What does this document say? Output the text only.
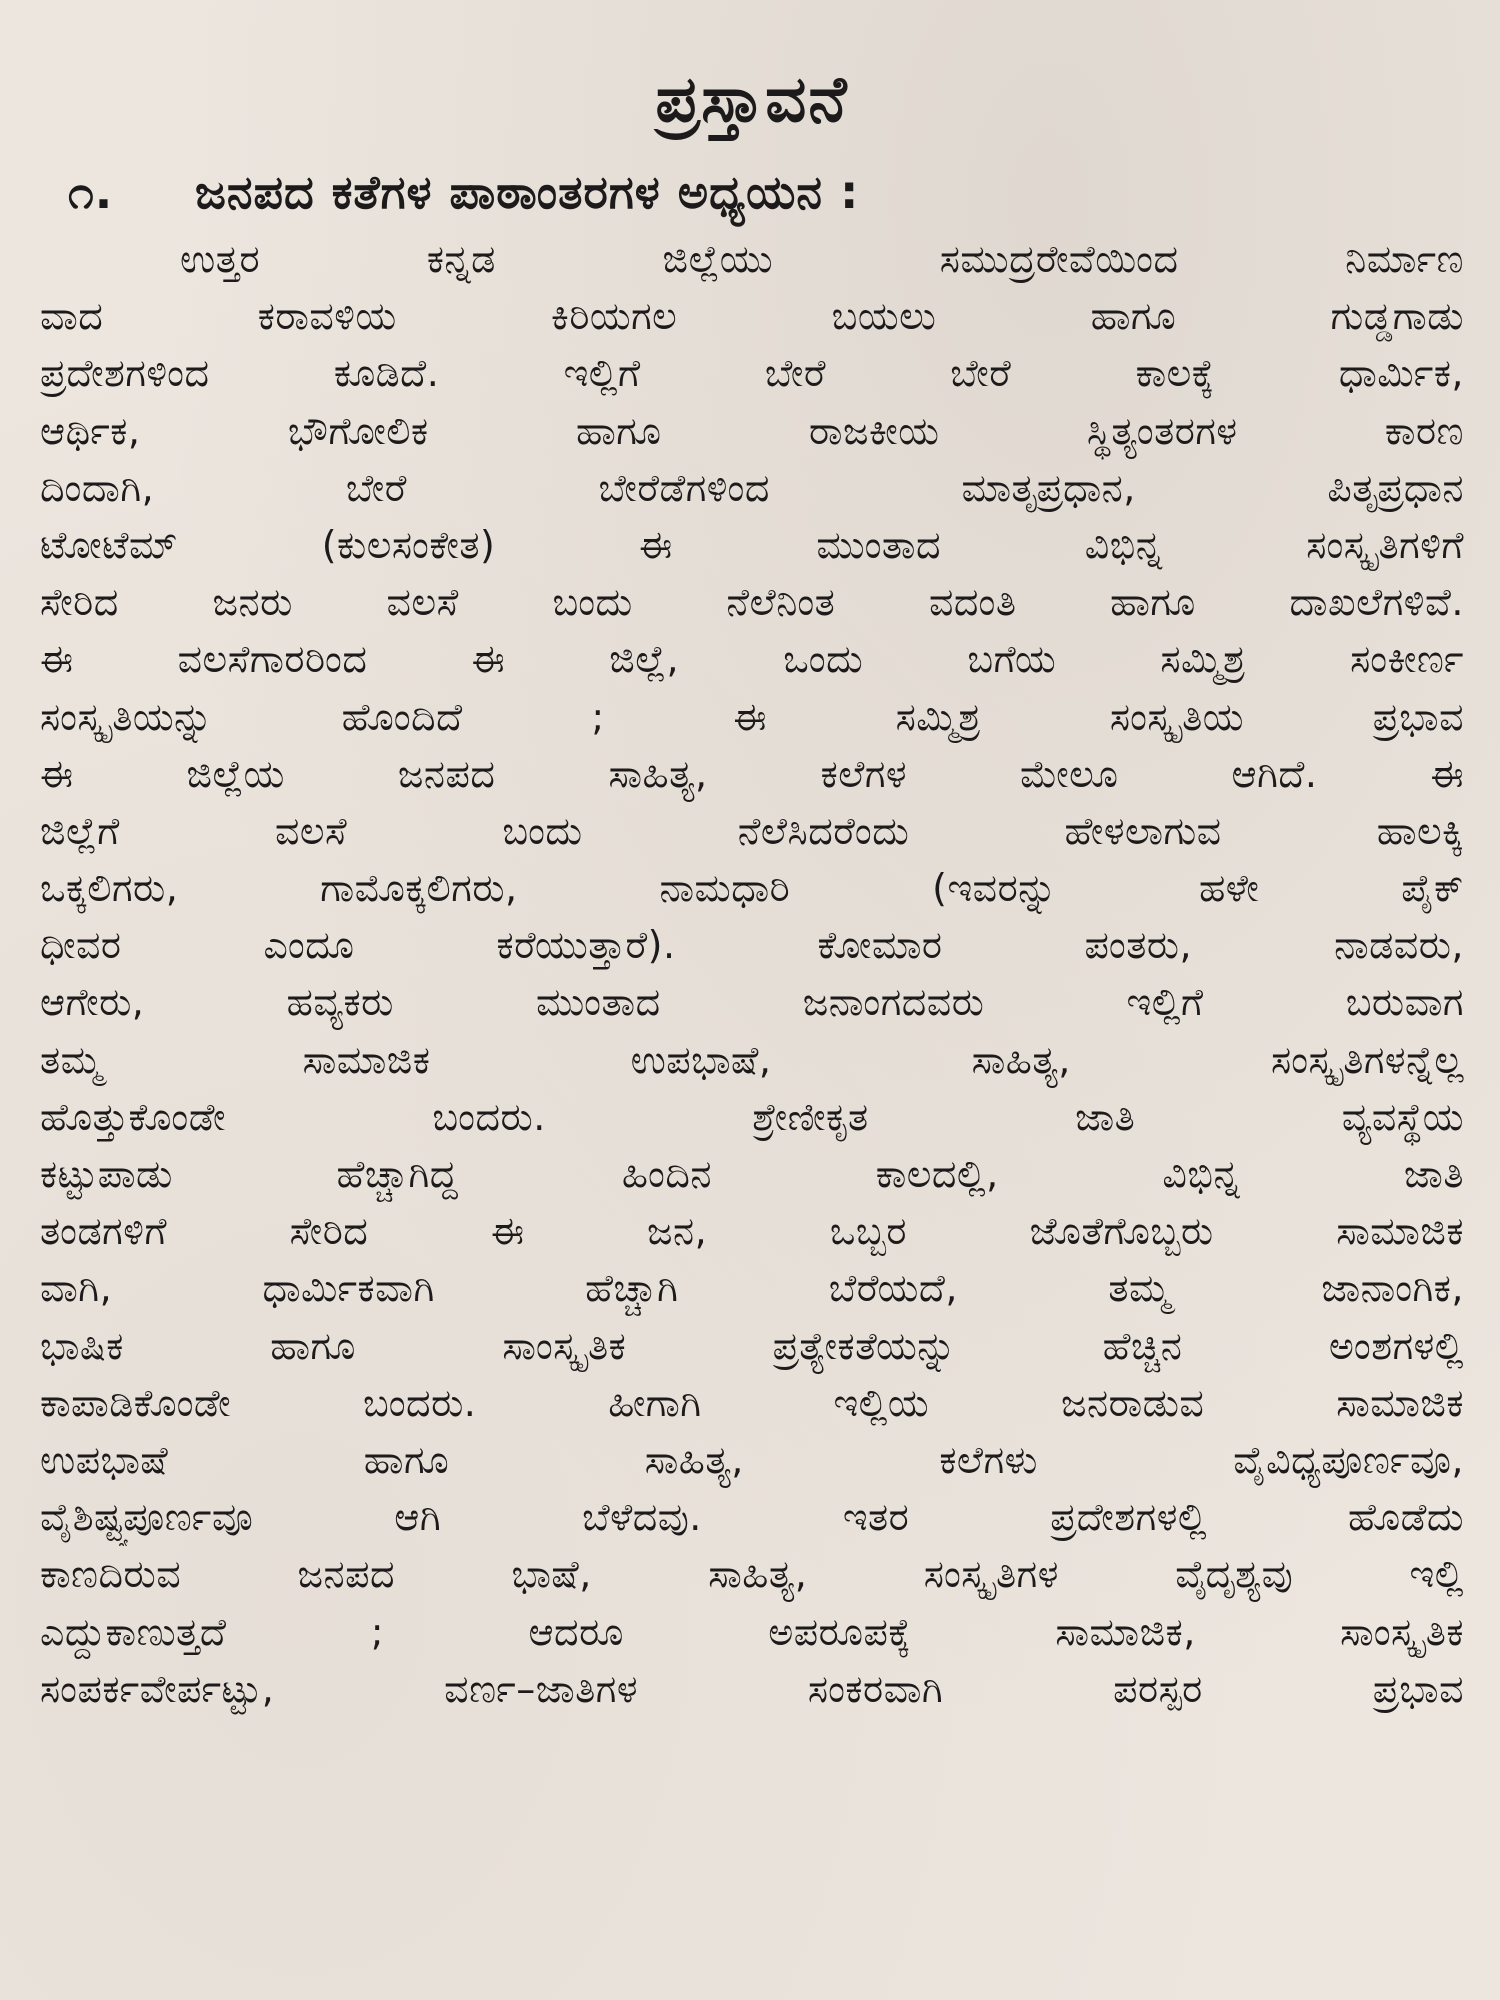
ಪ್ರಸ್ತಾವನೆ
೧. ಜನಪದ ಕತೆಗಳ ಪಾಠಾಂತರಗಳ ಅಧ್ಯಯನ :
ಉತ್ತರ ಕನ್ನಡ ಜಿಲ್ಲೆಯು ಸಮುದ್ರರೇವೆಯಿಂದ ನಿರ್ಮಾಣ
ವಾದ ಕರಾವಳಿಯ ಕಿರಿಯಗಲ ಬಯಲು ಹಾಗೂ ಗುಡ್ಡಗಾಡು
ಪ್ರದೇಶಗಳಿಂದ ಕೂಡಿದೆ. ಇಲ್ಲಿಗೆ ಬೇರೆ ಬೇರೆ ಕಾಲಕ್ಕೆ ಧಾರ್ಮಿಕ,
ಆರ್ಥಿಕ, ಭೌಗೋಲಿಕ ಹಾಗೂ ರಾಜಕೀಯ ಸ್ಥಿತ್ಯಂತರಗಳ ಕಾರಣ
ದಿಂದಾಗಿ, ಬೇರೆ ಬೇರೆಡೆಗಳಿಂದ ಮಾತೃಪ್ರಧಾನ, ಪಿತೃಪ್ರಧಾನ
ಟೋಟೆಮ್ (ಕುಲಸಂಕೇತ) ಈ ಮುಂತಾದ ವಿಭಿನ್ನ ಸಂಸ್ಕೃತಿಗಳಿಗೆ
ಸೇರಿದ ಜನರು ವಲಸೆ ಬಂದು ನೆಲೆನಿಂತ ವದಂತಿ ಹಾಗೂ ದಾಖಲೆಗಳಿವೆ.
ಈ ವಲಸೆಗಾರರಿಂದ ಈ ಜಿಲ್ಲೆ, ಒಂದು ಬಗೆಯ ಸಮ್ಮಿಶ್ರ ಸಂಕೀರ್ಣ
ಸಂಸ್ಕೃತಿಯನ್ನು ಹೊಂದಿದೆ ; ಈ ಸಮ್ಮಿಶ್ರ ಸಂಸ್ಕೃತಿಯ ಪ್ರಭಾವ
ಈ ಜಿಲ್ಲೆಯ ಜನಪದ ಸಾಹಿತ್ಯ, ಕಲೆಗಳ ಮೇಲೂ ಆಗಿದೆ. ಈ
ಜಿಲ್ಲೆಗೆ ವಲಸೆ ಬಂದು ನೆಲೆಸಿದರೆಂದು ಹೇಳಲಾಗುವ ಹಾಲಕ್ಕಿ
ಒಕ್ಕಲಿಗರು, ಗಾಮೊಕ್ಕಲಿಗರು, ನಾಮಧಾರಿ (ಇವರನ್ನು ಹಳೇ ಪೈಕ್
ಧೀವರ ಎಂದೂ ಕರೆಯುತ್ತಾರೆ). ಕೋಮಾರ ಪಂತರು, ನಾಡವರು,
ಆಗೇರು, ಹವ್ಯಕರು ಮುಂತಾದ ಜನಾಂಗದವರು ಇಲ್ಲಿಗೆ ಬರುವಾಗ
ತಮ್ಮ ಸಾಮಾಜಿಕ ಉಪಭಾಷೆ, ಸಾಹಿತ್ಯ, ಸಂಸ್ಕೃತಿಗಳನ್ನೆಲ್ಲ
ಹೊತ್ತುಕೊಂಡೇ ಬಂದರು. ಶ್ರೇಣೀಕೃತ ಜಾತಿ ವ್ಯವಸ್ಥೆಯ
ಕಟ್ಟುಪಾಡು ಹೆಚ್ಚಾಗಿದ್ದ ಹಿಂದಿನ ಕಾಲದಲ್ಲಿ, ವಿಭಿನ್ನ ಜಾತಿ
ತಂಡಗಳಿಗೆ ಸೇರಿದ ಈ ಜನ, ಒಬ್ಬರ ಜೊತೆಗೊಬ್ಬರು ಸಾಮಾಜಿಕ
ವಾಗಿ, ಧಾರ್ಮಿಕವಾಗಿ ಹೆಚ್ಚಾಗಿ ಬೆರೆಯದೆ, ತಮ್ಮ ಜಾನಾಂಗಿಕ,
ಭಾಷಿಕ ಹಾಗೂ ಸಾಂಸ್ಕೃತಿಕ ಪ್ರತ್ಯೇಕತೆಯನ್ನು ಹೆಚ್ಚಿನ ಅಂಶಗಳಲ್ಲಿ
ಕಾಪಾಡಿಕೊಂಡೇ ಬಂದರು. ಹೀಗಾಗಿ ಇಲ್ಲಿಯ ಜನರಾಡುವ ಸಾಮಾಜಿಕ
ಉಪಭಾಷೆ ಹಾಗೂ ಸಾಹಿತ್ಯ, ಕಲೆಗಳು ವೈವಿಧ್ಯಪೂರ್ಣವೂ,
ವೈಶಿಷ್ಟ್ಯಪೂರ್ಣವೂ ಆಗಿ ಬೆಳೆದವು. ಇತರ ಪ್ರದೇಶಗಳಲ್ಲಿ ಹೊಡೆದು
ಕಾಣದಿರುವ ಜನಪದ ಭಾಷೆ, ಸಾಹಿತ್ಯ, ಸಂಸ್ಕೃತಿಗಳ ವೈದೃಶ್ಯವು ಇಲ್ಲಿ
ಎದ್ದುಕಾಣುತ್ತದೆ ; ಆದರೂ ಅಪರೂಪಕ್ಕೆ ಸಾಮಾಜಿಕ, ಸಾಂಸ್ಕೃತಿಕ
ಸಂಪರ್ಕವೇರ್ಪಟ್ಟು, ವರ್ಣ–ಜಾತಿಗಳ ಸಂಕರವಾಗಿ ಪರಸ್ಪರ ಪ್ರಭಾವ
